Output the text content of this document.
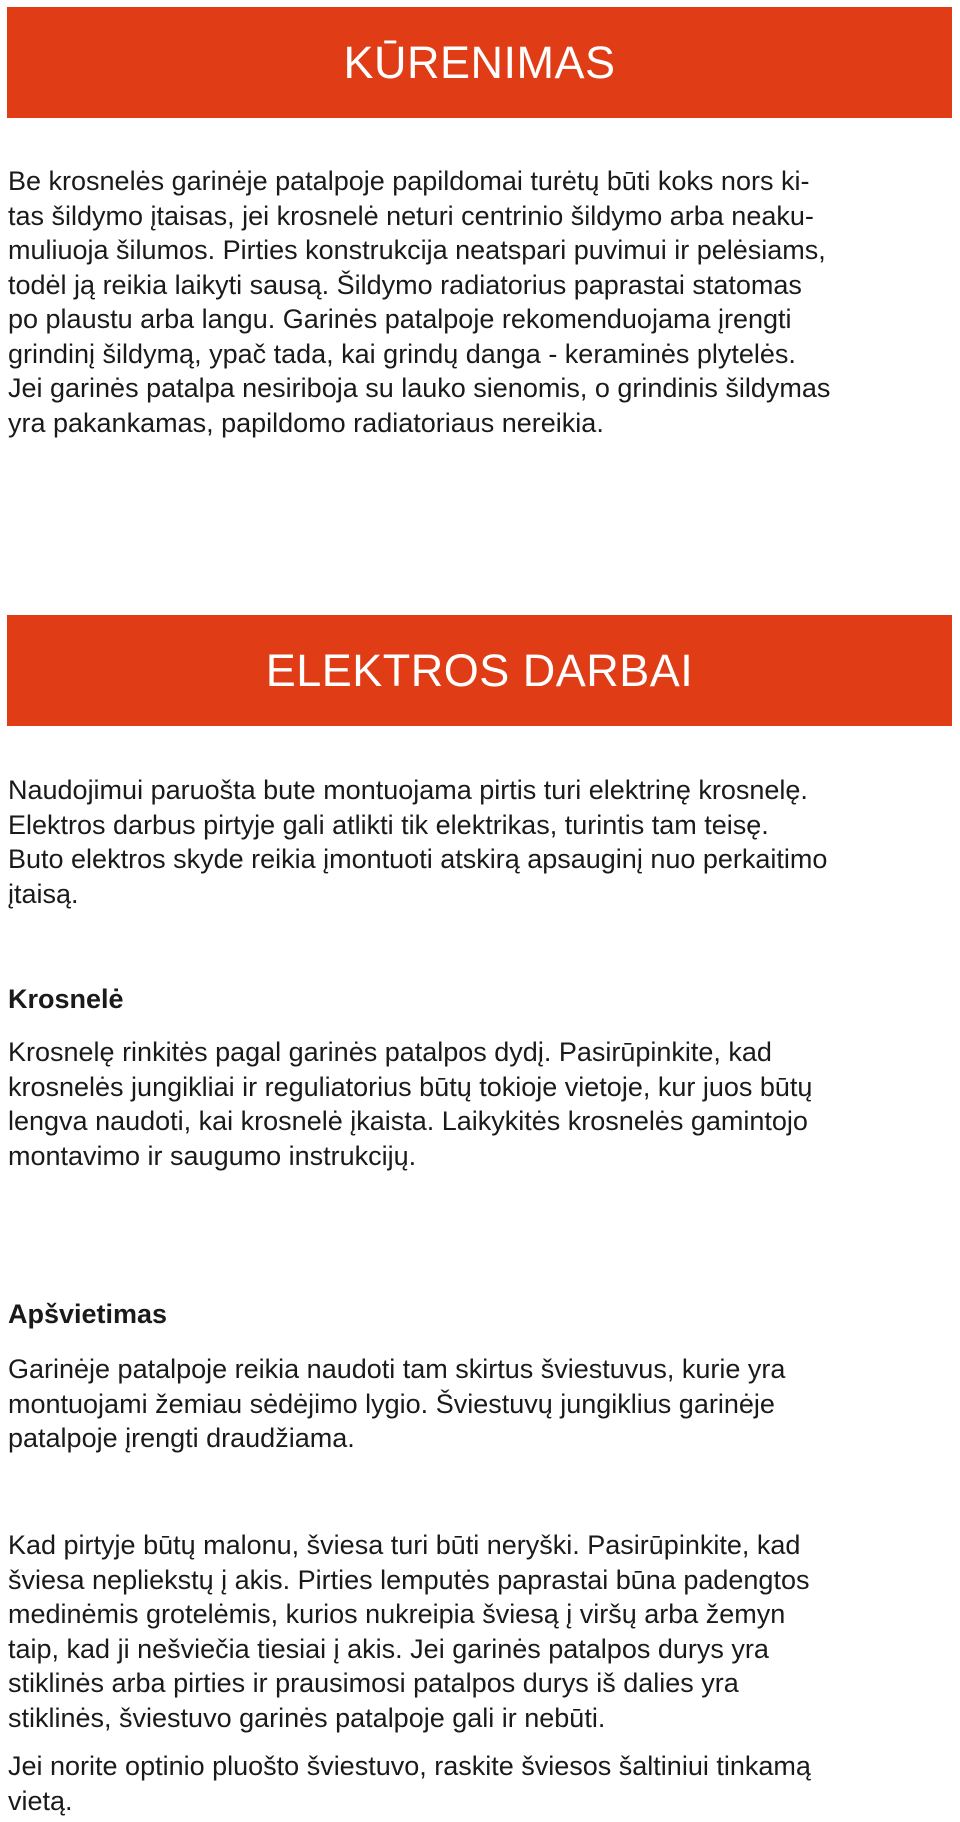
KŪRENIMAS

Be krosnelės garinėje patalpoje papildomai turėtų būti koks nors ki-
tas šildymo įtaisas, jei krosnelė neturi centrinio šildymo arba neaku-
muliuoja šilumos. Pirties konstrukcija neatspari puvimui ir pelėsiams,
todėl ją reikia laikyti sausą. Šildymo radiatorius paprastai statomas
po plaustu arba langu. Garinės patalpoje rekomenduojama įrengti
grindinį šildymą, ypač tada, kai grindų danga - keraminės plytelės.
Jei garinės patalpa nesiriboja su lauko sienomis, o grindinis šildymas
yra pakankamas, papildomo radiatoriaus nereikia.

ELEKTROS DARBAI

Naudojimui paruošta bute montuojama pirtis turi elektrinę krosnelę.
Elektros darbus pirtyje gali atlikti tik elektrikas, turintis tam teisę.
Buto elektros skyde reikia įmontuoti atskirą apsauginį nuo perkaitimo
įtaisą.

Krosnelė

Krosnelę rinkitės pagal garinės patalpos dydį. Pasirūpinkite, kad
krosnelės jungikliai ir reguliatorius būtų tokioje vietoje, kur juos būtų
lengva naudoti, kai krosnelė įkaista. Laikykitės krosnelės gamintojo
montavimo ir saugumo instrukcijų.

Apšvietimas

Garinėje patalpoje reikia naudoti tam skirtus šviestuvus, kurie yra
montuojami žemiau sėdėjimo lygio. Šviestuvų jungiklius garinėje
patalpoje įrengti draudžiama.

Kad pirtyje būtų malonu, šviesa turi būti neryški. Pasirūpinkite, kad
šviesa nepliekstų į akis. Pirties lemputės paprastai būna padengtos
medinėmis grotelėmis, kurios nukreipia šviesą į viršų arba žemyn
taip, kad ji nešviečia tiesiai į akis. Jei garinės patalpos durys yra
stiklinės arba pirties ir prausimosi patalpos durys iš dalies yra
stiklinės, šviestuvo garinės patalpoje gali ir nebūti.

Jei norite optinio pluošto šviestuvo, raskite šviesos šaltiniui tinkamą
vietą.
